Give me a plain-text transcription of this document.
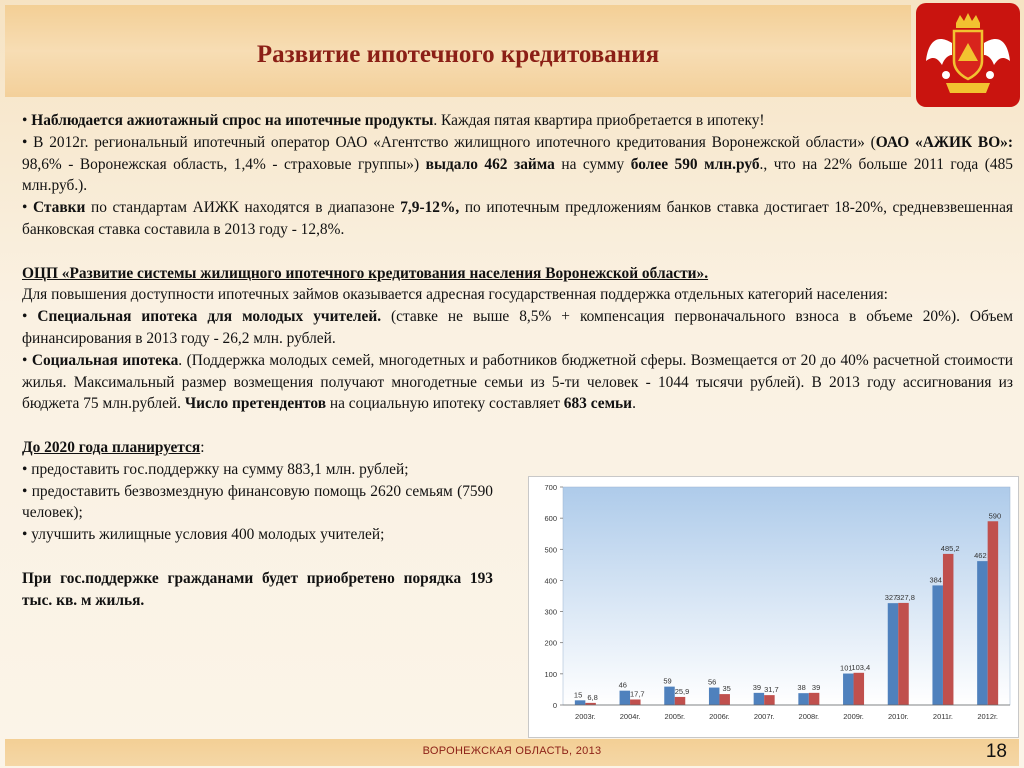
Развитие ипотечного кредитования

• Наблюдается ажиотажный спрос на ипотечные продукты. Каждая пятая квартира приобретается в ипотеку!

• В 2012г. региональный ипотечный оператор ОАО «Агентство жилищного ипотечного кредитования Воронежской области» (ОАО «АЖИК ВО»: 98,6% - Воронежская область, 1,4% - страховые группы») выдало 462 займа на сумму более 590 млн.руб., что на 22% больше 2011 года (485 млн.руб.).

• Ставки по стандартам АИЖК находятся в диапазоне 7,9-12%, по ипотечным предложениям банков ставка достигает 18-20%, средневзвешенная банковская ставка составила в 2013 году - 12,8%.

ОЦП «Развитие системы жилищного ипотечного кредитования населения Воронежской области».

Для повышения доступности ипотечных займов оказывается адресная государственная поддержка отдельных категорий населения:

• Специальная ипотека для молодых учителей. (ставке не выше 8,5% + компенсация первоначального взноса в объеме 20%). Объем финансирования в 2013 году - 26,2 млн. рублей.

• Социальная ипотека. (Поддержка молодых семей, многодетных и работников бюджетной сферы. Возмещается от 20 до 40% расчетной стоимости жилья. Максимальный размер возмещения получают многодетные семьи из 5-ти человек - 1044 тысячи рублей). В 2013 году ассигнования из бюджета 75 млн.рублей. Число претендентов на социальную ипотеку составляет 683 семьи.

До 2020 года планируется:

• предоставить гос.поддержку на сумму 883,1 млн. рублей;

• предоставить безвозмездную финансовую помощь 2620 семьям (7590 человек);

• улучшить жилищные условия 400 молодых учителей;

При гос.поддержке гражданами будет приобретено порядка 193 тыс. кв. м жилья.

0
100
200
300
400
500
600
700
15 6,8
2003г.
46
17,7
2004г.
59
25,9
2005г.
56
35
2006г.
39 31,7
2007г.
38 39
2008г.
101
103,4
2009г.
327
327,8
2010г.
384
485,2
2011г.
462
590
2012г.
ВОРОНЕЖСКАЯ ОБЛАСТЬ, 2013	18
